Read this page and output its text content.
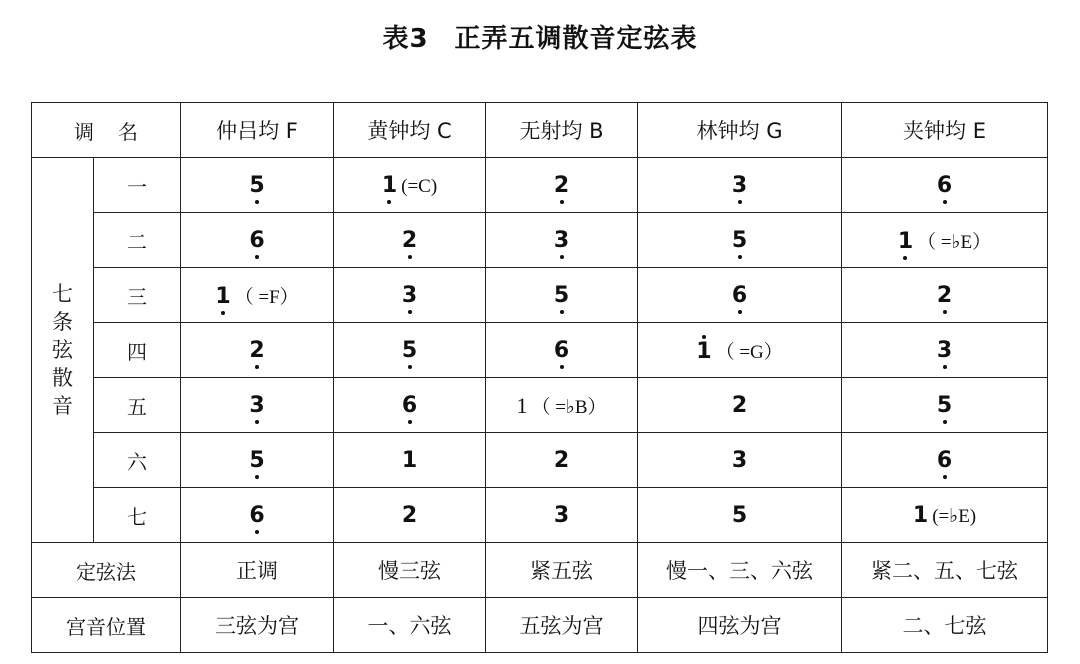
表3 正弄五调散音定弦表
调名		仲吕均 F	黄钟均 C	无射均 B	林钟均 G	夹钟均 E

七条弦散音	一	5	1 (=C)	2	3	6

	二	6	2	3	5	1 （ =♭E）

	三	1 （ =F）	3	5	6	2

	四	2	5	6	1 （ =G）	3

	五	3	6	1 （ =♭B）	2	5

	六	5	1	2	3	6

	七	6	2	3	5	1 (=♭E)

定弦法		正调	慢三弦	紧五弦	慢一、三、六弦	紧二、五、七弦
宫音位置		三弦为宫	一、六弦	五弦为宫	四弦为宫	二、七弦
